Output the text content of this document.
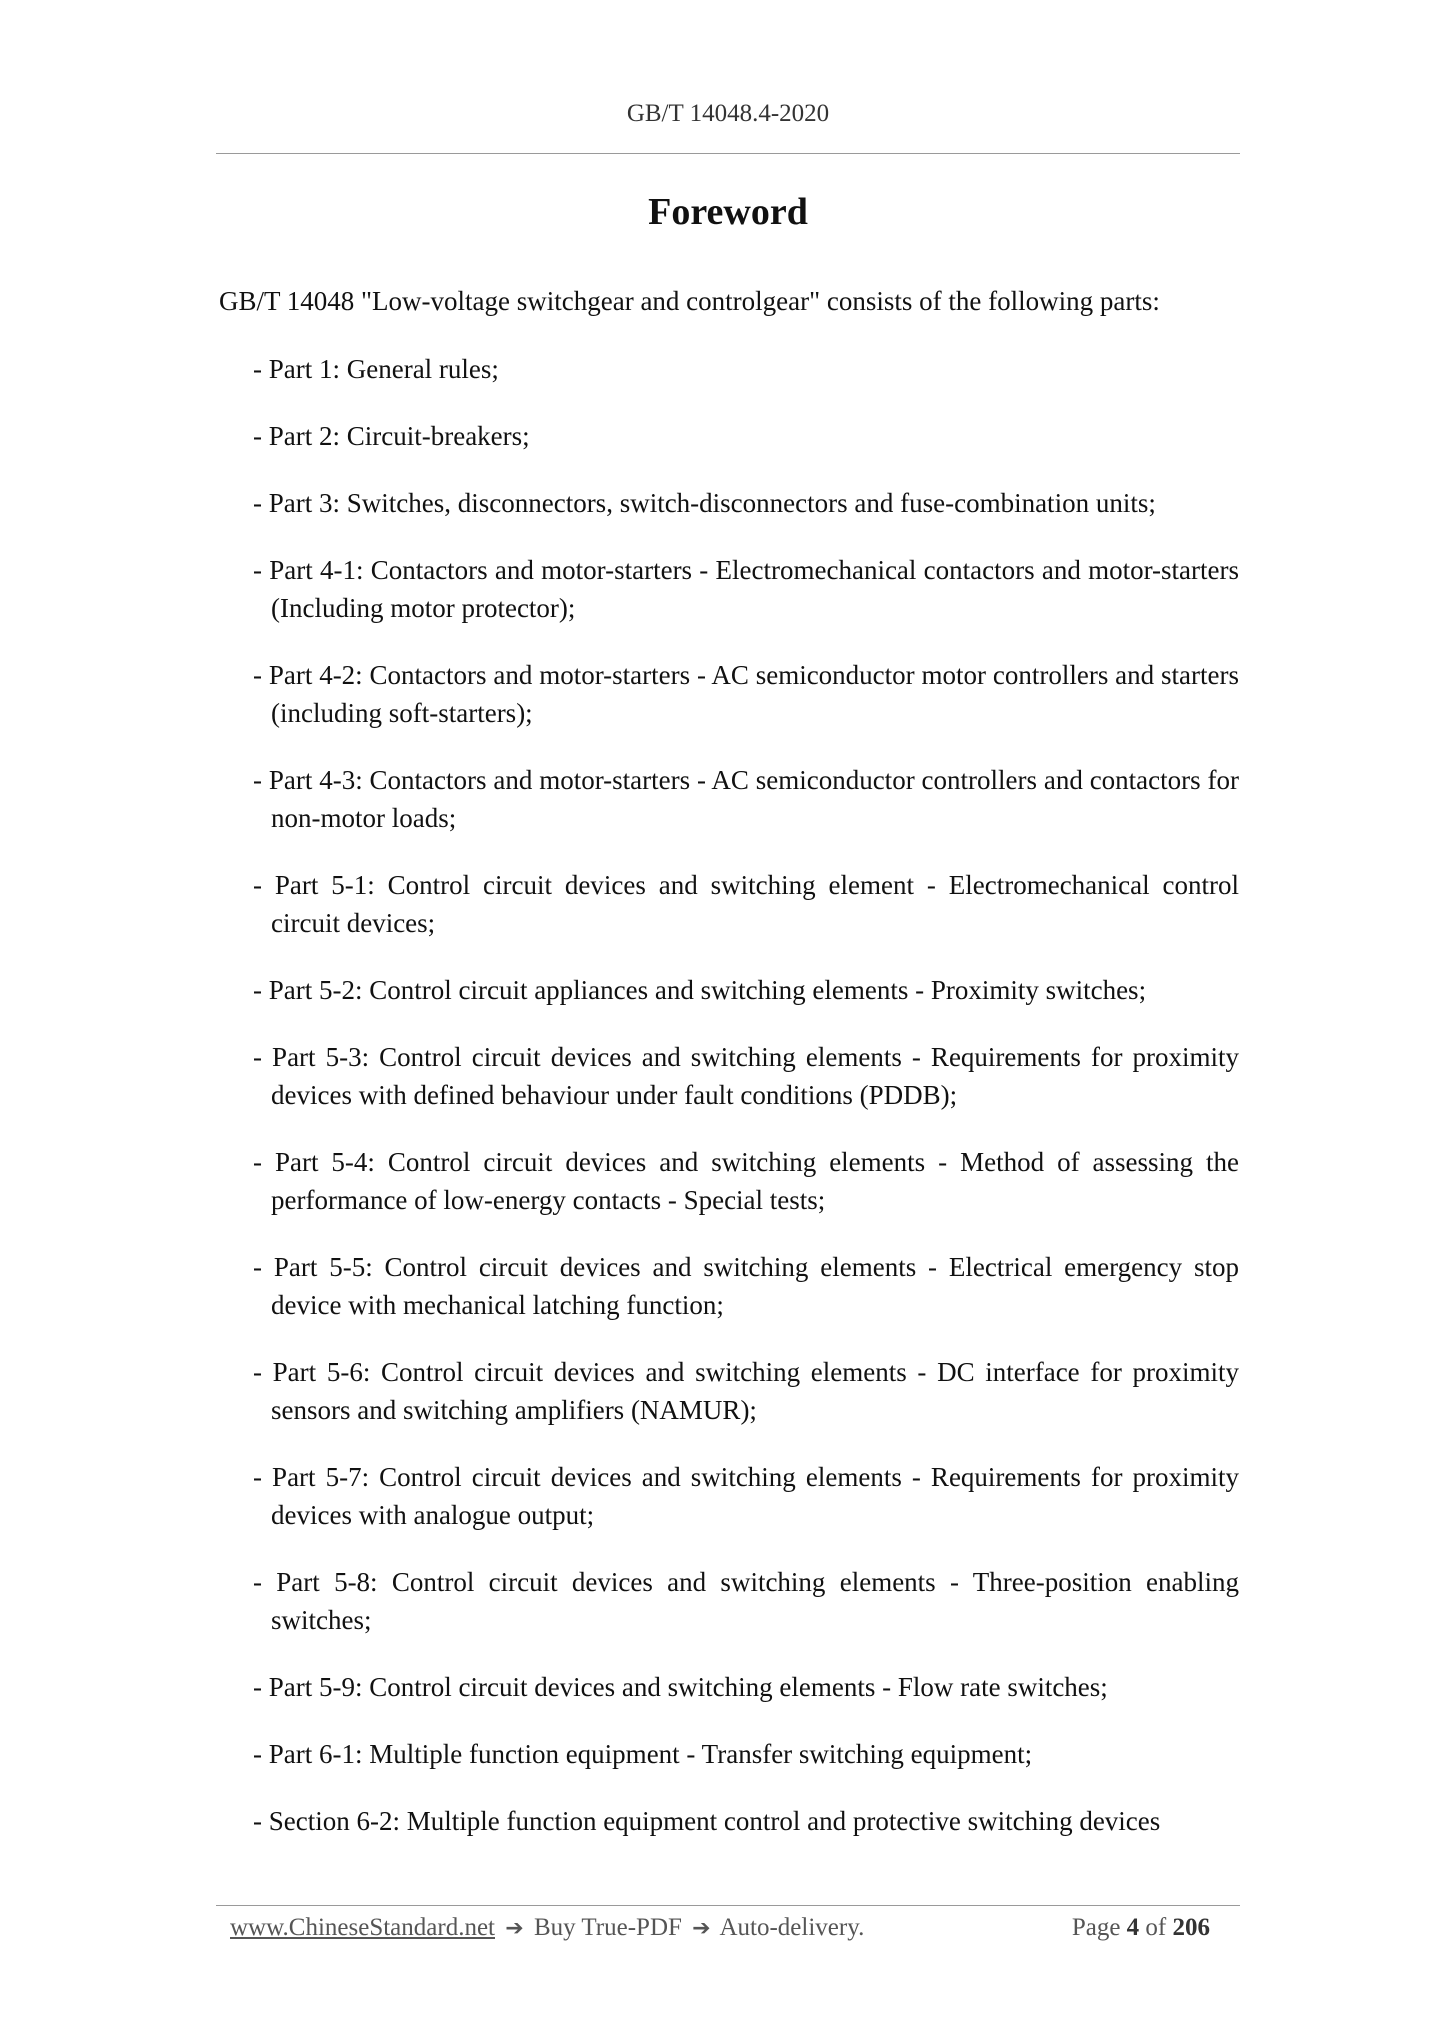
GB/T 14048.4-2020
Foreword
GB/T 14048 "Low-voltage switchgear and controlgear" consists of the following parts:
- Part 1: General rules;
- Part 2: Circuit-breakers;
- Part 3: Switches, disconnectors, switch-disconnectors and fuse-combination units;
- Part 4-1: Contactors and motor-starters - Electromechanical contactors and motor-starters (Including motor protector);
- Part 4-2: Contactors and motor-starters - AC semiconductor motor controllers and starters (including soft-starters);
- Part 4-3: Contactors and motor-starters - AC semiconductor controllers and contactors for non-motor loads;
- Part 5-1: Control circuit devices and switching element - Electromechanical control circuit devices;
- Part 5-2: Control circuit appliances and switching elements - Proximity switches;
- Part 5-3: Control circuit devices and switching elements - Requirements for proximity devices with defined behaviour under fault conditions (PDDB);
- Part 5-4: Control circuit devices and switching elements - Method of assessing the performance of low-energy contacts - Special tests;
- Part 5-5: Control circuit devices and switching elements - Electrical emergency stop device with mechanical latching function;
- Part 5-6: Control circuit devices and switching elements - DC interface for proximity sensors and switching amplifiers (NAMUR);
- Part 5-7: Control circuit devices and switching elements - Requirements for proximity devices with analogue output;
- Part 5-8: Control circuit devices and switching elements - Three-position enabling switches;
- Part 5-9: Control circuit devices and switching elements - Flow rate switches;
- Part 6-1: Multiple function equipment - Transfer switching equipment;
- Section 6-2: Multiple function equipment control and protective switching devices
www.ChineseStandard.net ➔ Buy True-PDF ➔ Auto-delivery.	Page 4 of 206
